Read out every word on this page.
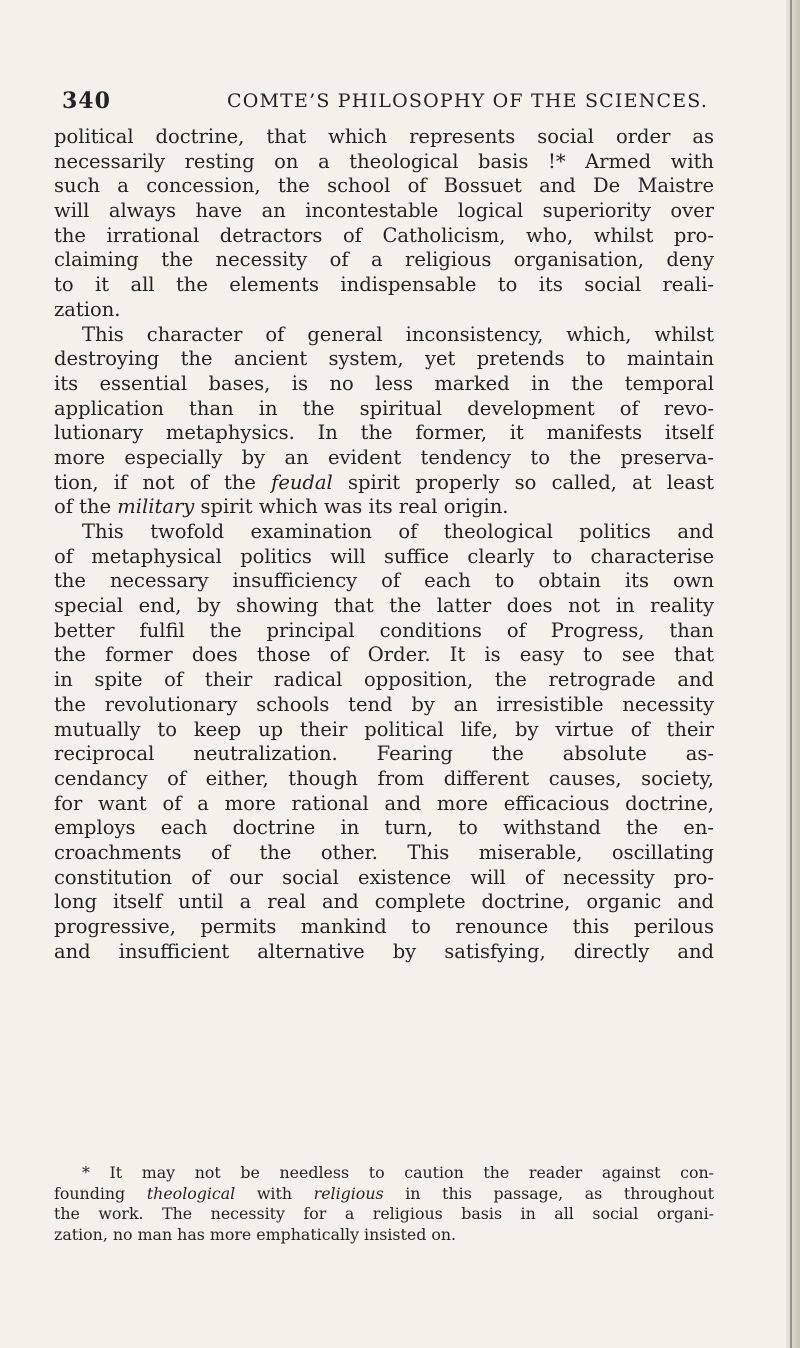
340	COMTE’S PHILOSOPHY OF THE SCIENCES.
political doctrine, that which represents social order as
necessarily resting on a theological basis !* Armed with
such a concession, the school of Bossuet and De Maistre
will always have an incontestable logical superiority over
the irrational detractors of Catholicism, who, whilst pro-
claiming the necessity of a religious organisation, deny
to it all the elements indispensable to its social reali-
zation.
This character of general inconsistency, which, whilst
destroying the ancient system, yet pretends to maintain
its essential bases, is no less marked in the temporal
application than in the spiritual development of revo-
lutionary metaphysics. In the former, it manifests itself
more especially by an evident tendency to the preserva-
tion, if not of the feudal spirit properly so called, at least
of the military spirit which was its real origin.
This twofold examination of theological politics and
of metaphysical politics will suffice clearly to characterise
the necessary insufficiency of each to obtain its own
special end, by showing that the latter does not in reality
better fulfil the principal conditions of Progress, than
the former does those of Order. It is easy to see that
in spite of their radical opposition, the retrograde and
the revolutionary schools tend by an irresistible necessity
mutually to keep up their political life, by virtue of their
reciprocal neutralization. Fearing the absolute as-
cendancy of either, though from different causes, society,
for want of a more rational and more efficacious doctrine,
employs each doctrine in turn, to withstand the en-
croachments of the other. This miserable, oscillating
constitution of our social existence will of necessity pro-
long itself until a real and complete doctrine, organic and
progressive, permits mankind to renounce this perilous
and insufficient alternative by satisfying, directly and
* It may not be needless to caution the reader against con-
founding theological with religious in this passage, as throughout
the work. The necessity for a religious basis in all social organi-
zation, no man has more emphatically insisted on.
